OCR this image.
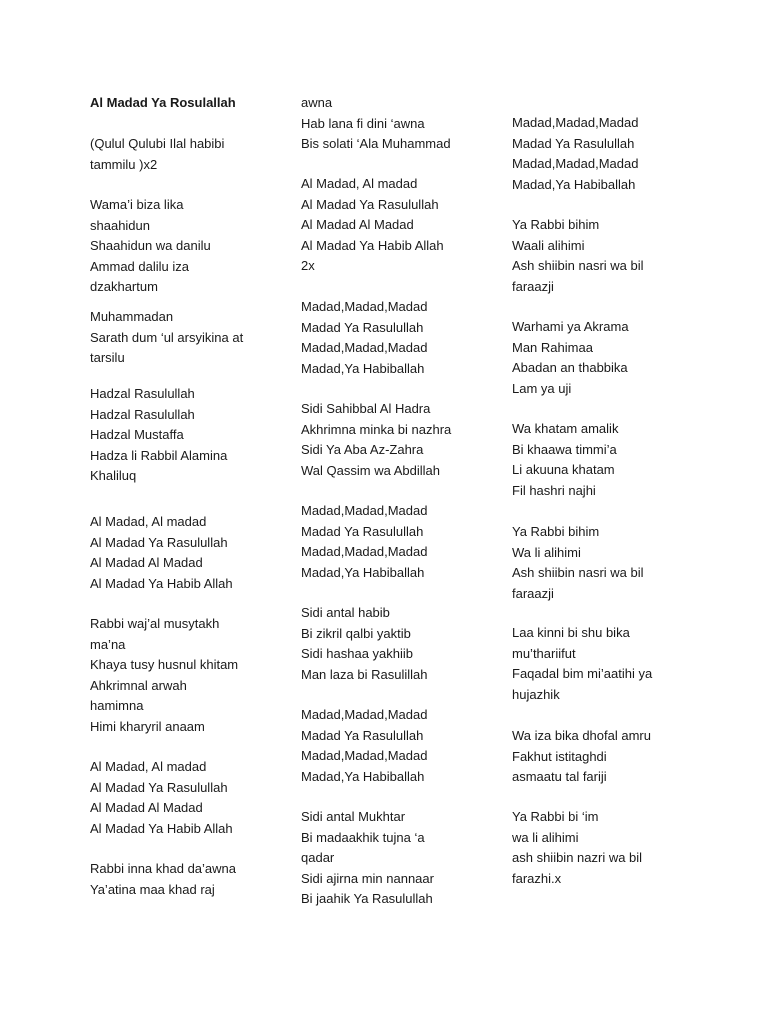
Al Madad Ya Rosulallah
(Qulul Qulubi Ilal habibi
tammilu )x2
Wama’i biza lika
shaahidun
Shaahidun wa danilu
Ammad dalilu iza
dzakhartum
Muhammadan
Sarath dum ‘ul arsyikina at
tarsilu
Hadzal Rasulullah
Hadzal Rasulullah
Hadzal Mustaffa
Hadza li Rabbil Alamina
Khaliluq
Al Madad, Al madad
Al Madad Ya Rasulullah
Al Madad Al Madad
Al Madad Ya Habib Allah
Rabbi waj’al musytakh
ma’na
Khaya tusy husnul khitam
Ahkrimnal arwah
hamimna
Himi kharyril anaam
Al Madad, Al madad
Al Madad Ya Rasulullah
Al Madad Al Madad
Al Madad Ya Habib Allah
Rabbi inna khad da’awna
Ya’atina maa khad raj
awna
Hab lana fi dini ‘awna
Bis solati ‘Ala Muhammad
Al Madad, Al madad
Al Madad Ya Rasulullah
Al Madad Al Madad
Al Madad Ya Habib Allah
2x
Madad,Madad,Madad
Madad Ya Rasulullah
Madad,Madad,Madad
Madad,Ya Habiballah
Sidi Sahibbal Al Hadra
Akhrimna minka bi nazhra
Sidi Ya Aba Az-Zahra
Wal Qassim wa Abdillah
Madad,Madad,Madad
Madad Ya Rasulullah
Madad,Madad,Madad
Madad,Ya Habiballah
Sidi antal habib
Bi zikril qalbi yaktib
Sidi hashaa yakhiib
Man laza bi Rasulillah
Madad,Madad,Madad
Madad Ya Rasulullah
Madad,Madad,Madad
Madad,Ya Habiballah
Sidi antal Mukhtar
Bi madaakhik tujna ‘a
qadar
Sidi ajirna min nannaar
Bi jaahik Ya Rasulullah
Madad,Madad,Madad
Madad Ya Rasulullah
Madad,Madad,Madad
Madad,Ya Habiballah
Ya Rabbi bihim
Waali alihimi
Ash shiibin nasri wa bil
faraazji
Warhami ya Akrama
Man Rahimaa
Abadan an thabbika
Lam ya uji
Wa khatam amalik
Bi khaawa timmi’a
Li akuuna khatam
Fil hashri najhi
Ya Rabbi bihim
Wa li alihimi
Ash shiibin nasri wa bil
faraazji
Laa kinni bi shu bika
mu’thariifut
Faqadal bim mi’aatihi ya
hujazhik
Wa iza bika dhofal amru
Fakhut istitaghdi
asmaatu tal fariji
Ya Rabbi bi ‘im
wa li alihimi
ash shiibin nazri wa bil
farazhi.x
